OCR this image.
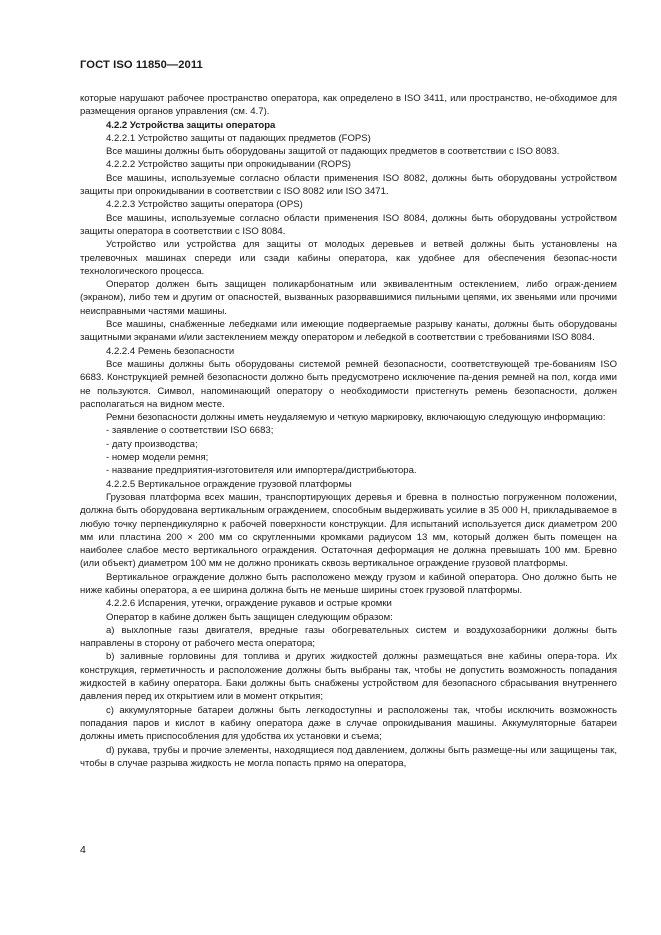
ГОСТ ISO 11850—2011

которые нарушают рабочее пространство оператора, как определено в ISO 3411, или пространство, не-обходимое для размещения органов управления (см. 4.7).

4.2.2 Устройства защиты оператора

4.2.2.1 Устройство защиты от падающих предметов (FOPS)

Все машины должны быть оборудованы защитой от падающих предметов в соответствии с ISO 8083.

4.2.2.2 Устройство защиты при опрокидывании (ROPS)

Все машины, используемые согласно области применения ISO 8082, должны быть оборудованы устройством защиты при опрокидывании в соответствии с ISO 8082 или ISO 3471.

4.2.2.3 Устройство защиты оператора (OPS)

Все машины, используемые согласно области применения ISO 8084, должны быть оборудованы устройством защиты оператора в соответствии с ISO 8084.

Устройство или устройства для защиты от молодых деревьев и ветвей должны быть установлены на трелевочных машинах спереди или сзади кабины оператора, как удобнее для обеспечения безопас-ности технологического процесса.

Оператор должен быть защищен поликарбонатным или эквивалентным остеклением, либо ограж-дением (экраном), либо тем и другим от опасностей, вызванных разорвавшимися пильными цепями, их звеньями или прочими неисправными частями машины.

Все машины, снабженные лебедками или имеющие подвергаемые разрыву канаты, должны быть оборудованы защитными экранами и/или застеклением между оператором и лебедкой в соответствии с требованиями ISO 8084.

4.2.2.4 Ремень безопасности

Все машины должны быть оборудованы системой ремней безопасности, соответствующей тре-бованиям ISO 6683. Конструкцией ремней безопасности должно быть предусмотрено исключение па-дения ремней на пол, когда ими не пользуются. Символ, напоминающий оператору о необходимости пристегнуть ремень безопасности, должен располагаться на видном месте.

Ремни безопасности должны иметь неудаляемую и четкую маркировку, включающую следующую информацию:

- заявление о соответствии ISO 6683;

- дату производства;

- номер модели ремня;

- название предприятия-изготовителя или импортера/дистрибьютора.

4.2.2.5 Вертикальное ограждение грузовой платформы

Грузовая платформа всех машин, транспортирующих деревья и бревна в полностью погруженном положении, должна быть оборудована вертикальным ограждением, способным выдерживать усилие в 35 000 Н, прикладываемое в любую точку перпендикулярно к рабочей поверхности конструкции. Для испытаний используется диск диаметром 200 мм или пластина 200 × 200 мм со скругленными кромками радиусом 13 мм, который должен быть помещен на наиболее слабое место вертикального ограждения. Остаточная деформация не должна превышать 100 мм. Бревно (или объект) диаметром 100 мм не должно проникать сквозь вертикальное ограждение грузовой платформы.

Вертикальное ограждение должно быть расположено между грузом и кабиной оператора. Оно должно быть не ниже кабины оператора, а ее ширина должна быть не меньше ширины стоек грузовой платформы.

4.2.2.6 Испарения, утечки, ограждение рукавов и острые кромки

Оператор в кабине должен быть защищен следующим образом:

а) выхлопные газы двигателя, вредные газы обогревательных систем и воздухозаборники должны быть направлены в сторону от рабочего места оператора;

b) заливные горловины для топлива и других жидкостей должны размещаться вне кабины опера-тора. Их конструкция, герметичность и расположение должны быть выбраны так, чтобы не допустить возможность попадания жидкостей в кабину оператора. Баки должны быть снабжены устройством для безопасного сбрасывания внутреннего давления перед их открытием или в момент открытия;

c) аккумуляторные батареи должны быть легкодоступны и расположены так, чтобы исключить возможность попадания паров и кислот в кабину оператора даже в случае опрокидывания машины. Аккумуляторные батареи должны иметь приспособления для удобства их установки и съема;

d) рукава, трубы и прочие элементы, находящиеся под давлением, должны быть размеще-ны или защищены так, чтобы в случае разрыва жидкость не могла попасть прямо на оператора,

4
